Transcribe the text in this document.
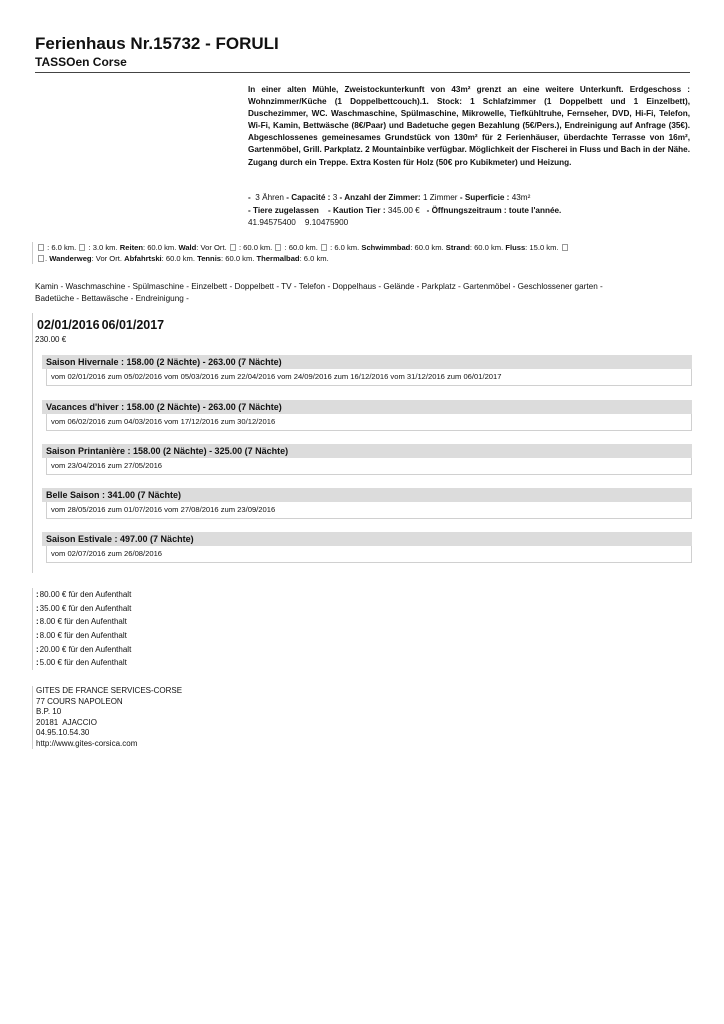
Ferienhaus Nr.15732 - FORULI
TASSOen Corse
In einer alten Mühle, Zweistockunterkunft von 43m² grenzt an eine weitere Unterkunft. Erdgeschoss : Wohnzimmer/Küche (1 Doppelbettcouch).1. Stock: 1 Schlafzimmer (1 Doppelbett und 1 Einzelbett), Duschezimmer, WC. Waschmaschine, Spülmaschine, Mikrowelle, Tiefkühltruhe, Fernseher, DVD, Hi-Fi, Telefon, Wi-Fi, Kamin, Bettwäsche (8€/Paar) und Badetuche gegen Bezahlung (5€/Pers.), Endreinigung auf Anfrage (35€). Abgeschlossenes gemeinesames Grundstück von 130m² für 2 Ferienhäuser, überdachte Terrasse von 16m², Gartenmöbel, Grill. Parkplatz. 2 Mountainbike verfügbar. Möglichkeit der Fischerei in Fluss und Bach in der Nähe. Zugang durch ein Treppe. Extra Kosten für Holz (50€ pro Kubikmeter) und Heizung.
- 3 Ähren - Capacité : 3 - Anzahl der Zimmer: 1 Zimmer - Superficie : 43m²
- Tiere zugelassen - Kaution Tier : 345.00 € - Öffnungszeitraum : toute l'année.
41.94575400 9.10475900
: 6.0 km. : 3.0 km. Reiten: 60.0 km. Wald: Vor Ort. : 60.0 km. : 60.0 km. : 6.0 km. Schwimmbad: 60.0 km. Strand: 60.0 km. Fluss: 15.0 km.
. Wanderweg: Vor Ort. Abfahrtski: 60.0 km. Tennis: 60.0 km. Thermalbad: 6.0 km.
Kamin - Waschmaschine - Spülmaschine - Einzelbett - Doppelbett - TV - Telefon - Doppelhaus - Gelände - Parkplatz - Gartenmöbel - Geschlossener garten - Badetüche - Bettawäsche - Endreinigung -
02/01/2016 06/01/2017
230.00 €
Saison Hivernale : 158.00 (2 Nächte) - 263.00 (7 Nächte)
vom 02/01/2016 zum 05/02/2016 vom 05/03/2016 zum 22/04/2016 vom 24/09/2016 zum 16/12/2016 vom 31/12/2016 zum 06/01/2017
Vacances d'hiver : 158.00 (2 Nächte) - 263.00 (7 Nächte)
vom 06/02/2016 zum 04/03/2016 vom 17/12/2016 zum 30/12/2016
Saison Printanière : 158.00 (2 Nächte) - 325.00 (7 Nächte)
vom 23/04/2016 zum 27/05/2016
Belle Saison : 341.00 (7 Nächte)
vom 28/05/2016 zum 01/07/2016 vom 27/08/2016 zum 23/09/2016
Saison Estivale : 497.00 (7 Nächte)
vom 02/07/2016 zum 26/08/2016
:80.00 € für den Aufenthalt
:35.00 € für den Aufenthalt
:8.00 € für den Aufenthalt
:8.00 € für den Aufenthalt
:20.00 € für den Aufenthalt
:5.00 € für den Aufenthalt
GITES DE FRANCE SERVICES-CORSE
77 COURS NAPOLEON
B.P. 10
20181  AJACCIO
04.95.10.54.30
http://www.gites-corsica.com
